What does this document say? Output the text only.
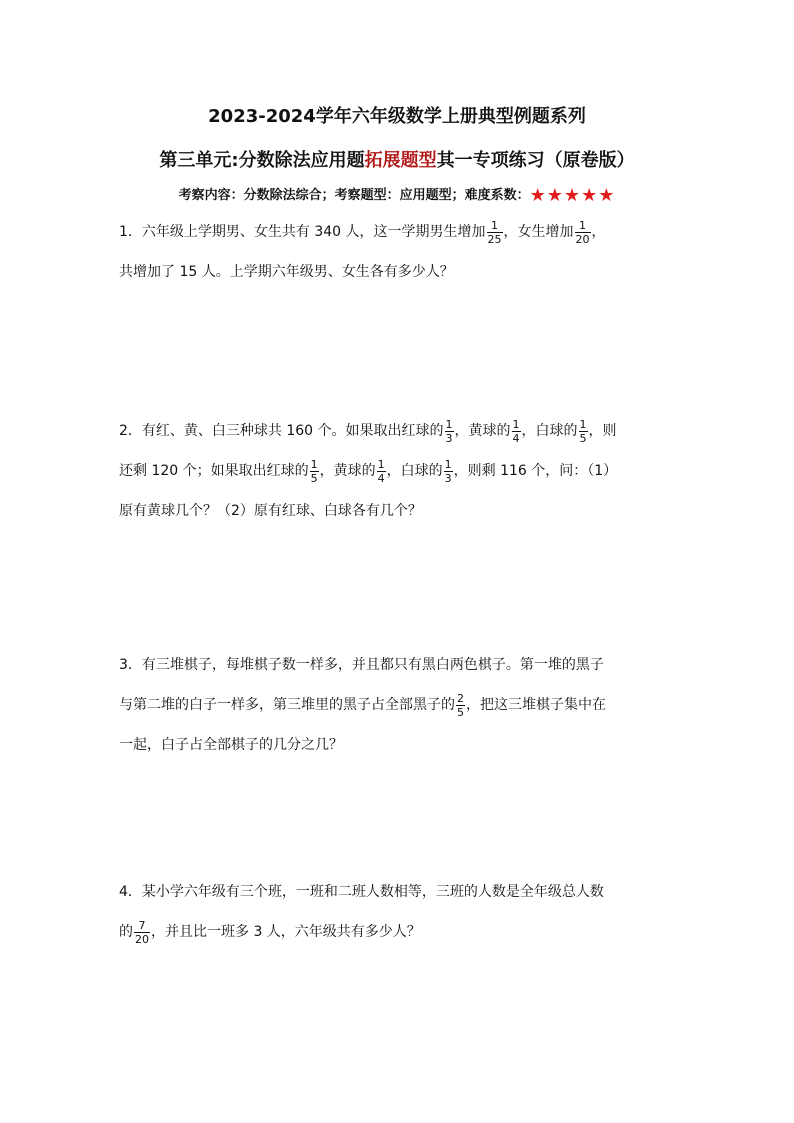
2023-2024学年六年级数学上册典型例题系列
第三单元:分数除法应用题拓展题型其一专项练习（原卷版）
考察内容：分数除法综合；考察题型：应用题型；难度系数：★★★★★

1．六年级上学期男、女生共有 340 人，这一学期男生增加 $\frac{1}{25}$ ，女生增加 $\frac{1}{20}$ ，

共增加了 15 人。上学期六年级男、女生各有多少人？

2．有红、黄、白三种球共 160 个。如果取出红球的 $\frac{1}{3}$ ，黄球的 $\frac{1}{4}$ ，白球的 $\frac{1}{5}$ ，则

还剩 120 个；如果取出红球的 $\frac{1}{5}$ ，黄球的 $\frac{1}{4}$ ，白球的 $\frac{1}{3}$ ，则剩 116 个，问：（1）

原有黄球几个？（2）原有红球、白球各有几个？

3．有三堆棋子，每堆棋子数一样多，并且都只有黑白两色棋子。第一堆的黑子

与第二堆的白子一样多，第三堆里的黑子占全部黑子的 $\frac{2}{5}$ ，把这三堆棋子集中在

一起，白子占全部棋子的几分之几？

4．某小学六年级有三个班，一班和二班人数相等，三班的人数是全年级总人数

的 $\frac{7}{20}$ ，并且比一班多 3 人，六年级共有多少人？
